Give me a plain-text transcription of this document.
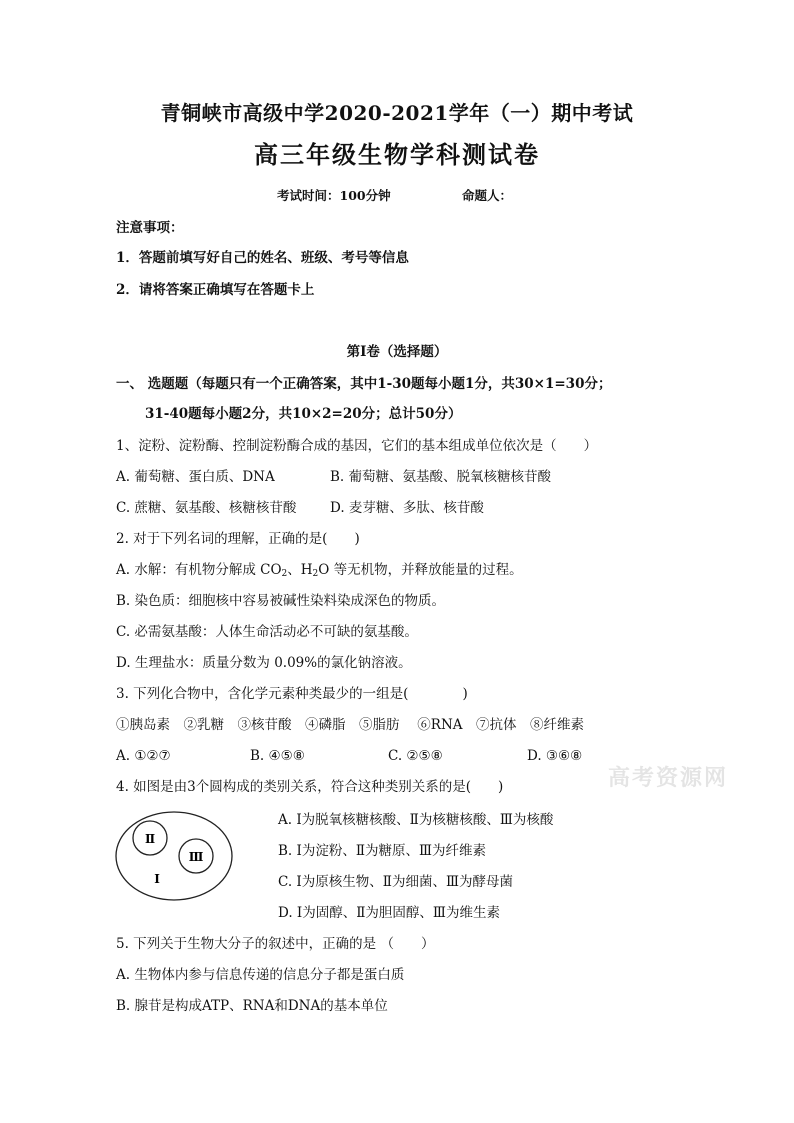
青铜峡市高级中学2020-2021学年（一）期中考试
高三年级生物学科测试卷
考试时间：100分钟	命题人：
注意事项：
1．答题前填写好自己的姓名、班级、考号等信息
2．请将答案正确填写在答题卡上
第Ⅰ卷（选择题）
一、 选题题（每题只有一个正确答案，其中1-30题每小题1分，共30×1=30分；
31-40题每小题2分，共10×2=20分；总计50分）
1、淀粉、淀粉酶、控制淀粉酶合成的基因，它们的基本组成单位依次是（　　）
A. 葡萄糖、蛋白质、DNA	B. 葡萄糖、氨基酸、脱氧核糖核苷酸
C. 蔗糖、氨基酸、核糖核苷酸 D. 麦芽糖、多肽、核苷酸
2. 对于下列名词的理解，正确的是(　　)
A. 水解：有机物分解成 $CO_2$、$H_2O$ 等无机物，并释放能量的过程。
B. 染色质：细胞核中容易被碱性染料染成深色的物质。
C. 必需氨基酸：人体生命活动必不可缺的氨基酸。
D. 生理盐水：质量分数为 0.09%的氯化钠溶液。
3. 下列化合物中，含化学元素种类最少的一组是(　　　　)
①胰岛素　②乳糖　③核苷酸　④磷脂　⑤脂肪　 ⑥RNA　⑦抗体　⑧纤维素
A. ①②⑦	B. ④⑤⑧	C. ②⑤⑧	D. ③⑥⑧
高考资源网
4. 如图是由3个圆构成的类别关系，符合这种类别关系的是(　　)
Ⅱ
Ⅲ
Ⅰ
A. Ⅰ为脱氧核糖核酸、Ⅱ为核糖核酸、Ⅲ为核酸
B. Ⅰ为淀粉、Ⅱ为糖原、Ⅲ为纤维素
C. Ⅰ为原核生物、Ⅱ为细菌、Ⅲ为酵母菌
D. Ⅰ为固醇、Ⅱ为胆固醇、Ⅲ为维生素
5. 下列关于生物大分子的叙述中，正确的是 （　　）
A. 生物体内参与信息传递的信息分子都是蛋白质
B. 腺苷是构成ATP、RNA和DNA的基本单位
